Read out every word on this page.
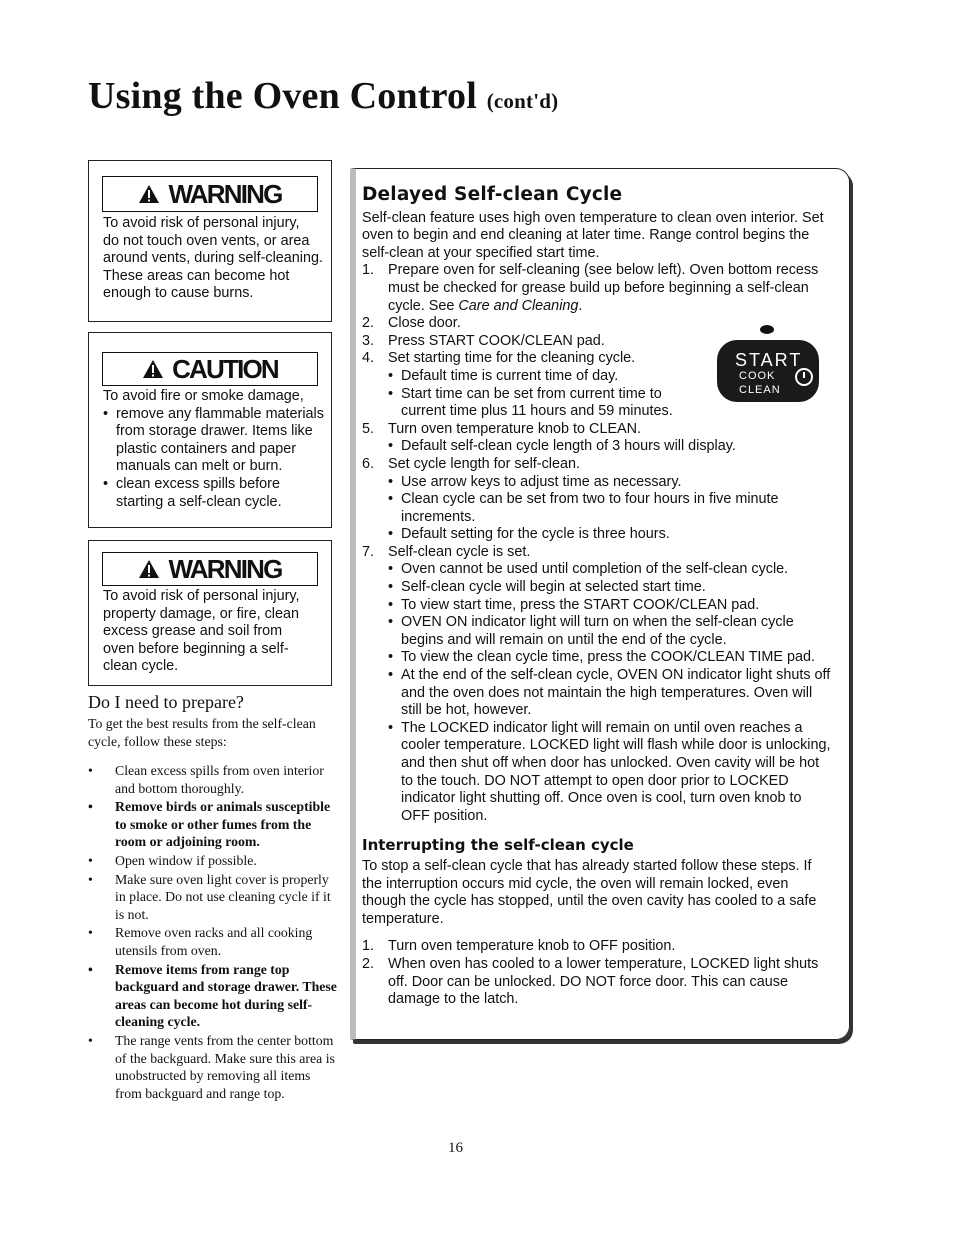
Using the Oven Control (cont'd)
WARNING
To avoid risk of personal injury,
do not touch oven vents, or area
around vents, during self-cleaning.
These areas can become hot
enough to cause burns.
CAUTION
To avoid fire or smoke damage,
• remove any flammable materials from storage drawer. Items like plastic containers and paper manuals can melt or burn.
• clean excess spills before starting a self-clean cycle.
WARNING
To avoid risk of personal injury,
property damage, or fire, clean
excess grease and soil from
oven before beginning a self-
clean cycle.
Do I need to prepare?
To get the best results from the self-clean cycle, follow these steps:
• Clean excess spills from oven interior and bottom thoroughly.
• Remove birds or animals susceptible to smoke or other fumes from the room or adjoining room.
• Open window if possible.
• Make sure oven light cover is properly in place. Do not use cleaning cycle if it is not.
• Remove oven racks and all cooking utensils from oven.
• Remove items from range top backguard and storage drawer. These areas can become hot during self-cleaning cycle.
• The range vents from the center bottom of the backguard. Make sure this area is unobstructed by removing all items from backguard and range top.
Delayed Self-clean Cycle

Self-clean feature uses high oven temperature to clean oven interior. Set oven to begin and end cleaning at later time. Range control begins the self-clean at your specified start time.

1. Prepare oven for self-cleaning (see below left). Oven bottom recess must be checked for grease build up before beginning a self-clean cycle. See Care and Cleaning.
2. Close door.
3. Press START COOK/CLEAN pad.
4. Set starting time for the cleaning cycle.
• Default time is current time of day.
• Start time can be set from current time to current time plus 11 hours and 59 minutes.
5. Turn oven temperature knob to CLEAN.
• Default self-clean cycle length of 3 hours will display.
6. Set cycle length for self-clean.
• Use arrow keys to adjust time as necessary.
• Clean cycle can be set from two to four hours in five minute increments.
• Default setting for the cycle is three hours.
7. Self-clean cycle is set.
• Oven cannot be used until completion of the self-clean cycle.
• Self-clean cycle will begin at selected start time.
• To view start time, press the START COOK/CLEAN pad.
• OVEN ON indicator light will turn on when the self-clean cycle begins and will remain on until the end of the cycle.
• To view the clean cycle time, press the COOK/CLEAN TIME pad.
• At the end of the self-clean cycle, OVEN ON indicator light shuts off and the oven does not maintain the high temperatures. Oven will still be hot, however.
• The LOCKED indicator light will remain on until oven reaches a cooler temperature. LOCKED light will flash while door is unlocking, and then shut off when door has unlocked. Oven cavity will be hot to the touch. DO NOT attempt to open door prior to LOCKED indicator light shutting off. Once oven is cool, turn oven knob to OFF position.
Interrupting the self-clean cycle

To stop a self-clean cycle that has already started follow these steps. If the interruption occurs mid cycle, the oven will remain locked, even though the cycle has stopped, until the oven cavity has cooled to a safe temperature.

1. Turn oven temperature knob to OFF position.
2. When oven has cooled to a lower temperature, LOCKED light shuts off. Door can be unlocked. DO NOT force door. This can cause damage to the latch.
START
COOK
CLEAN
16
